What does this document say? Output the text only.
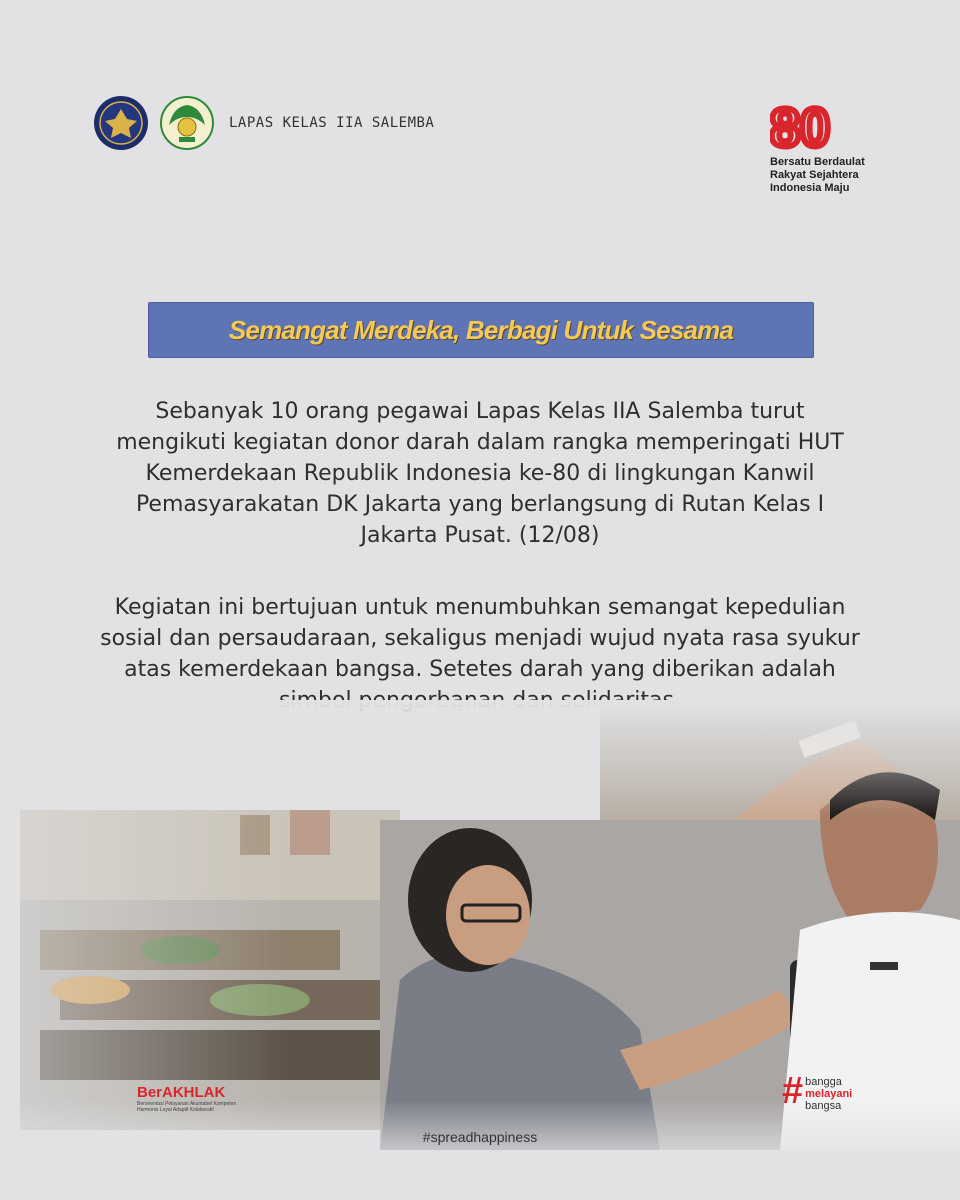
LAPAS KELAS IIA SALEMBA	80
Bersatu Berdaulat
Rakyat Sejahtera
Indonesia Maju
Semangat Merdeka, Berbagi Untuk Sesama
Sebanyak 10 orang pegawai Lapas Kelas IIA Salemba turut mengikuti kegiatan donor darah dalam rangka memperingati HUT Kemerdekaan Republik Indonesia ke-80 di lingkungan Kanwil Pemasyarakatan DK Jakarta yang berlangsung di Rutan Kelas I Jakarta Pusat. (12/08)
Kegiatan ini bertujuan untuk menumbuhkan semangat kepedulian sosial dan persaudaraan, sekaligus menjadi wujud nyata rasa syukur atas kemerdekaan bangsa. Setetes darah yang diberikan adalah
BerAKHLAK
Berorientasi Pelayanan Akuntabel Kompeten Harmonis Loyal Adaptif Kolaboratif	# bangga
melayani
bangsa
#spreadhappiness
